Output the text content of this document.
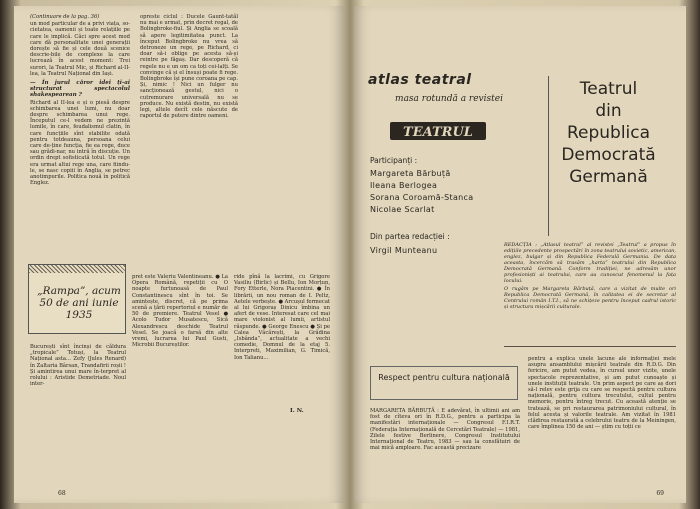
(Continuare de la pag. 36)

un mod particular de a privi viața, so-cietatea, oamenii și toate relațiile pe care le implică. Căci spre acest mod care dă personalitate unei generații dorește să fie și cele două scenice descrie-bile de complexe la care lucrează în acest moment: Trei surori, la Teatrul Mic, și Richard al-II-lea, la Teatrul Național din Iași.

— În jurul căror idei ți-ai structurat spectacolul shakespearean ?

Richard al II-lea e și o piesă despre schimbarea unei lumi, nu doar despre schimbarea unui rege. Începutul ce-l vedem ne prezintă lumile, în care, feudalismul clatin, în care funcțiile sînt stabilite odată pentru totdeauna, persoana celui care de-ține funcția, fie ea rege, duce sau grădi-nar, nu intră în discuție. Un ordin drept sofisticată totul. Un rege era urmat altui rege una, care fiindu-le, se nasc copiii în Anglia, se petrec anotimpurile. Politica nouă în politică Englez.

opreste ciclul : Ducele Gaunt-tatăl nu mai e urmat, prin decret regal, de Bolingbroke-fiul. Și Anglia se scoală să apere legitimitatea punct. La început Bolingbroke nu vrea să detroneze un rege, pe Richard, ci doar să-i oblige pe acesta să-și reintre pe făgaș. Dar descoperă că regele nu e un om ca toți cei-lalți. Se convinge că și el însuși poate fi rege. Bolingbroke își pune coroana pe cap. Și, nimic ! Nici un fulger nu sancționează gestul, nici o cutremurare universală nu se produce. Nu există destin, nu există legi, altele decît cele născute de raportul de putere dintre oameni.

„Rampa”, acum 50 de ani iunie 1935

București sînt încinși de căldura „tropicale” Totuși, la Teatrul Național asta... Zefy (Jules Renard) în Zaltaria Bârsan, Trandafirii roșii ! Și amintirea unui mare în-terpret al rolului : Aristide Demetriade. Noul inter-

pret este Valeriu Valentineanu. ● La Opera Română, repetiții cu O noapte furtunoasă de Paul Constantinescu sînt în toi. Se amintește, discret, că pe prima scenă a țării repertoriul e număr de 50 de premiere. Teatrul Vesel ● Acolo Tudor Musatescu, Sică Alexandrescu deschide Teatrul Vesel. Se joacă o farsă din alte vremi, lucrarea lui Paul Gusti, Microbii Bucureștilor.

ride pînă la lacrimi, cu Grigore Vasiliu (Birlic) și Bellu, Ion Morțun, Fory Etterle, Nora Piacentini. ● În librării, un nou roman de I. Peltz, Aetele verbește. ● Arcușul fermecat al lui Grigoraș Dinicu îmbina un afert de vese. Interesat care cel mai mare violonist al lumii, artistul răspunde. ● George Enescu ● Și pe Calea Văcărești, la Grădina „Isbânda”, actualitate a vechi comedie, Domnul de la etaj 5. Interpreti, Maximilian, G. Timică, Ion Talianu...

I. N.
68
atlas teatral
masa rotundă a revistei
TEATRUL
Participanți :
Margareta Bărbuță
Ileana Berlogea
Sorana Coroamă-Stanca
Nicolae Scarlat
Din partea redacției :
Virgil Munteanu
Teatrul
din
Republica
Democrată
Germană

REDACȚIA : „Atlasul teatral” al revistei „Teatrul” a propus în edițiile precedente prospectări în zona teatrului sovietic, american, englez, bulgar și din Republica Federală Germania. De data aceasta, încercăm să trasăm „harta” teatrului din Republica Democrată Germană. Conform tradiției, ne adresăm unor profesioniști ai teatrului, care au cunoscut fenomenul la fața locului.

O rugăm pe Margareta Bărbuță, care a vizitat de multe ori Republica Democrată Germană, în calitatea ei de secretar al Centrului român I.T.I., să ne schițeze pentru început cadrul istoric și structura mișcării culturale.

Respect pentru cultura națională

MARGARETA BĂRBUȚĂ : E adevărat, în ultimii ani am fost de cîteva ori în R.D.G., pentru a participa la manifestări internaționale — Congresul F.I.R.T. (Federația Internațională de Cercetări Teatrale) — 1981, Zilele festive Berlinere, Congresul Institutului Internațional de Teatru, 1983 — sau la consfătuiri de mai mică amploare. Fac această precizare

pentru a explica unele lacune ale informației mele asupra ansamblului mișcării teatrale din R.D.G. Din fericire, am putut vedea, în cursul unor vizite, unele spectacole reprezentative, și am putut cunoaște și unele instituții teatrale. Un prim aspect pe care aș dori să-l relev este grija cu care se respectă pentru cultura națională, pentru cultura trecutului, cultul pentru memorie, pentru întreg trecut. Cu această atenție se tratează, se pri restaurarea patrimoniului cultural, în felul acesta și valorile teatrale. Am vizitat în 1981 clădirea restaurată a celebrului teatru de la Meiningen, care împlinea 150 de ani — știm cu toții ce

69
